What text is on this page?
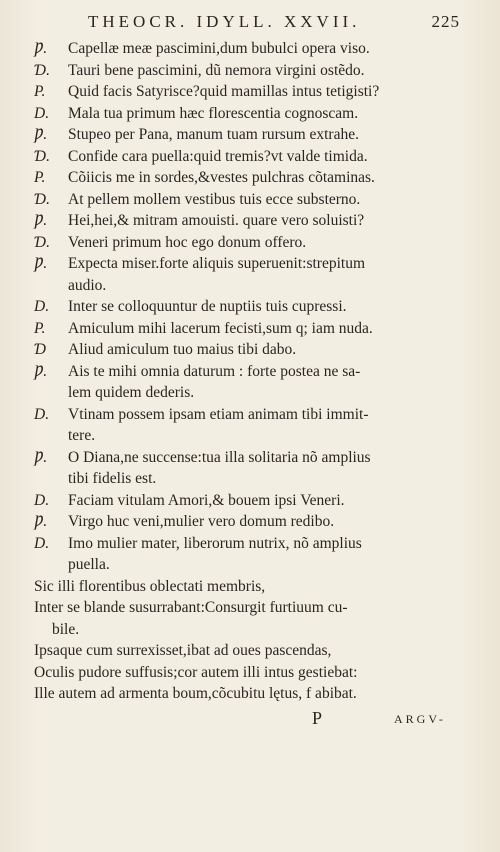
THEOCR. IDYLL. XXVII.	225
Ƿ.	Capellæ meæ pascimini,dum bubulci opera viso.
Ɗ.	Tauri bene pascimini, dũ nemora virgini ostẽdo.
P.	Quid facis Satyrisce?quid mamillas intus tetigisti?
D.	Mala tua primum hæc florescentia cognoscam.
Ƿ.	Stupeo per Pana, manum tuam rursum extrahe.
Ɗ.	Confide cara puella:quid tremis?vt valde timida.
P.	Cõiicis me in sordes,&vestes pulchras cõtaminas.
Ɗ.	At pellem mollem vestibus tuis ecce substerno.
Ƿ.	Hei,hei,& mitram amouisti. quare vero soluisti?
Ɗ.	Veneri primum hoc ego donum offero.
Ƿ.	Expecta miser.forte aliquis superuenit:strepitum
audio.
D.	Inter se colloquuntur de nuptiis tuis cupressi.
P.	Amiculum mihi lacerum fecisti,sum q; iam nuda.
Ɗ	Aliud amiculum tuo maius tibi dabo.
Ƿ.	Ais te mihi omnia daturum : forte postea ne sa-
lem quidem dederis.
D.	Vtinam possem ipsam etiam animam tibi immit-
tere.
Ƿ.	O Diana,ne succense:tua illa solitaria nõ amplius
tibi fidelis est.
D.	Faciam vitulam Amori,& bouem ipsi Veneri.
Ƿ.	Virgo huc veni,mulier vero domum redibo.
D.	Imo mulier mater, liberorum nutrix, nõ amplius
puella.
Sic illi florentibus oblectati membris,
Inter se blande susurrabant:Consurgit furtiuum cu-
bile.
Ipsaque cum surrexisset,ibat ad oues pascendas,
Oculis pudore suffusis;cor autem illi intus gestiebat:
Ille autem ad armenta boum,cõcubitu lętus, f abibat.
P	ARGV-
